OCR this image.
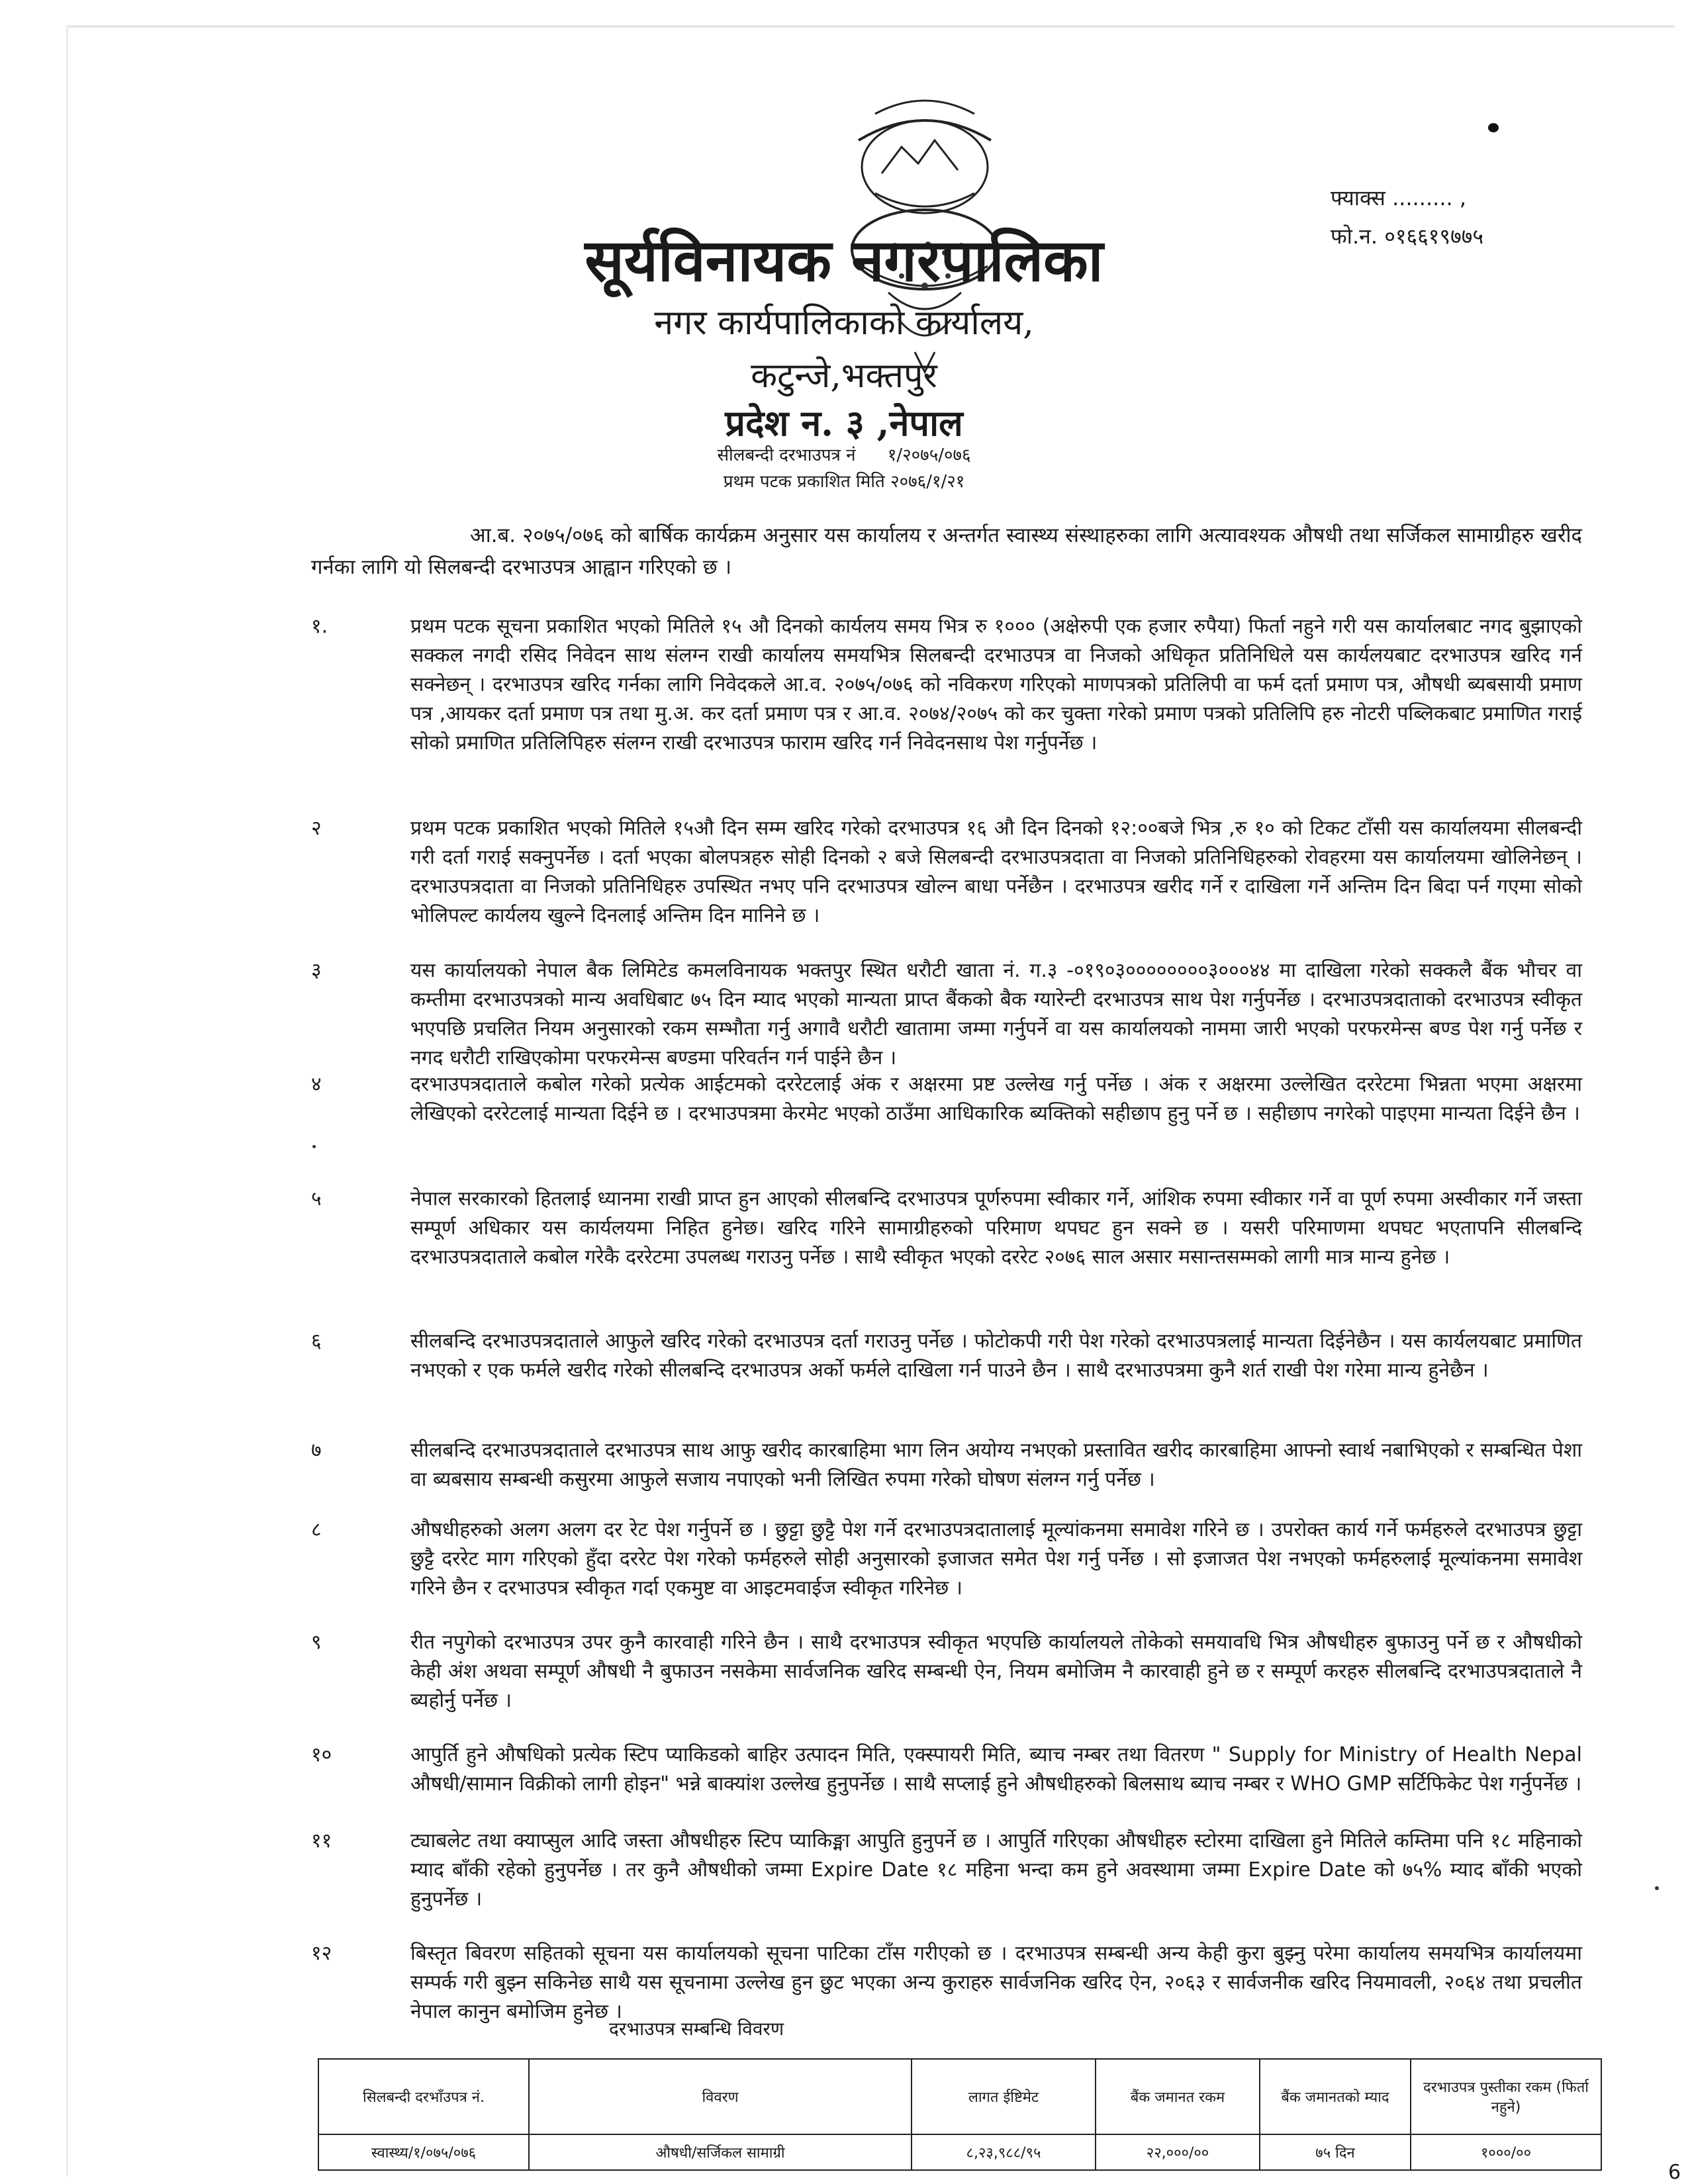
फ्याक्स ......... ,
फो.न. ०१६६१९७७५
सूर्यविनायक नगरपालिका
नगर कार्यपालिकाको कार्यालय,
कटुन्जे,भक्तपुर
प्रदेश न. ३ ,नेपाल
सीलबन्दी दरभाउपत्र नं १/२०७५/०७६
प्रथम पटक प्रकाशित मिति २०७६/१/२१
आ.ब. २०७५/०७६ को बार्षिक कार्यक्रम अनुसार यस कार्यालय र अन्तर्गत स्वास्थ्य संस्थाहरुका लागि अत्यावश्यक औषधी तथा सर्जिकल सामाग्रीहरु खरीद गर्नका लागि यो सिलबन्दी दरभाउपत्र आह्वान गरिएको छ ।
१.	प्रथम पटक सूचना प्रकाशित भएको मितिले १५ औ दिनको कार्यलय समय भित्र रु १००० (अक्षेरुपी एक हजार रुपैया) फिर्ता नहुने गरी यस कार्यालबाट नगद बुझाएको सक्कल नगदी रसिद निवेदन साथ संलग्न राखी कार्यालय समयभित्र सिलबन्दी दरभाउपत्र वा निजको अधिकृत प्रतिनिधिले यस कार्यलयबाट दरभाउपत्र खरिद गर्न सक्नेछन् । दरभाउपत्र खरिद गर्नका लागि निवेदकले आ.व. २०७५/०७६ को नविकरण गरिएको माणपत्रको प्रतिलिपी वा फर्म दर्ता प्रमाण पत्र, औषधी ब्यबसायी प्रमाण पत्र ,आयकर दर्ता प्रमाण पत्र तथा मु.अ. कर दर्ता प्रमाण पत्र र आ.व. २०७४/२०७५ को कर चुक्ता गरेको प्रमाण पत्रको प्रतिलिपि हरु नोटरी पब्लिकबाट प्रमाणित गराई सोको प्रमाणित प्रतिलिपिहरु संलग्न राखी दरभाउपत्र फाराम खरिद गर्न निवेदनसाथ पेश गर्नुपर्नेछ ।
२	प्रथम पटक प्रकाशित भएको मितिले १५औ दिन सम्म खरिद गरेको दरभाउपत्र १६ औ दिन दिनको १२:००बजे भित्र ,रु १० को टिकट टाँसी यस कार्यालयमा सीलबन्दी गरी दर्ता गराई सक्नुपर्नेछ । दर्ता भएका बोलपत्रहरु सोही दिनको २ बजे सिलबन्दी दरभाउपत्रदाता वा निजको प्रतिनिधिहरुको रोवहरमा यस कार्यालयमा खोलिनेछन् । दरभाउपत्रदाता वा निजको प्रतिनिधिहरु उपस्थित नभए पनि दरभाउपत्र खोल्न बाधा पर्नेछैन । दरभाउपत्र खरीद गर्ने र दाखिला गर्ने अन्तिम दिन बिदा पर्न गएमा सोको भोलिपल्ट कार्यलय खुल्ने दिनलाई अन्तिम दिन मानिने छ ।
३	यस कार्यालयको नेपाल बैक लिमिटेड कमलविनायक भक्तपुर स्थित धरौटी खाता नं. ग.३ -०१९०३००००००००३०००४४ मा दाखिला गरेको सक्कलै बैंक भौचर वा कम्तीमा दरभाउपत्रको मान्य अवधिबाट ७५ दिन म्याद भएको मान्यता प्राप्त बैंकको बैक ग्यारेन्टी दरभाउपत्र साथ पेश गर्नुपर्नेछ । दरभाउपत्रदाताको दरभाउपत्र स्वीकृत भएपछि प्रचलित नियम अनुसारको रकम सम्भौता गर्नु अगावै धरौटी खातामा जम्मा गर्नुपर्ने वा यस कार्यालयको नाममा जारी भएको परफरमेन्स बण्ड पेश गर्नु पर्नेछ र नगद धरौटी राखिएकोमा परफरमेन्स बण्डमा परिवर्तन गर्न पाईने छैन ।
४	दरभाउपत्रदाताले कबोल गरेको प्रत्येक आईटमको दररेटलाई अंक र अक्षरमा प्रष्ट उल्लेख गर्नु पर्नेछ । अंक र अक्षरमा उल्लेखित दररेटमा भिन्नता भएमा अक्षरमा लेखिएको दररेटलाई मान्यता दिईने छ । दरभाउपत्रमा केरमेट भएको ठाउँमा आधिकारिक ब्यक्तिको सहीछाप हुनु पर्ने छ । सहीछाप नगरेको पाइएमा मान्यता दिईने छैन ।
५	नेपाल सरकारको हितलाई ध्यानमा राखी प्राप्त हुन आएको सीलबन्दि दरभाउपत्र पूर्णरुपमा स्वीकार गर्ने, आंशिक रुपमा स्वीकार गर्ने वा पूर्ण रुपमा अस्वीकार गर्ने जस्ता सम्पूर्ण अधिकार यस कार्यलयमा निहित हुनेछ। खरिद गरिने सामाग्रीहरुको परिमाण थपघट हुन सक्ने छ । यसरी परिमाणमा थपघट भएतापनि सीलबन्दि दरभाउपत्रदाताले कबोल गरेकै दररेटमा उपलब्ध गराउनु पर्नेछ । साथै स्वीकृत भएको दररेट २०७६ साल असार मसान्तसम्मको लागी मात्र मान्य हुनेछ ।
६	सीलबन्दि दरभाउपत्रदाताले आफुले खरिद गरेको दरभाउपत्र दर्ता गराउनु पर्नेछ । फोटोकपी गरी पेश गरेको दरभाउपत्रलाई मान्यता दिईनेछैन । यस कार्यलयबाट प्रमाणित नभएको र एक फर्मले खरीद गरेको सीलबन्दि दरभाउपत्र अर्को फर्मले दाखिला गर्न पाउने छैन । साथै दरभाउपत्रमा कुनै शर्त राखी पेश गरेमा मान्य हुनेछैन ।
७	सीलबन्दि दरभाउपत्रदाताले दरभाउपत्र साथ आफु खरीद कारबाहिमा भाग लिन अयोग्य नभएको प्रस्तावित खरीद कारबाहिमा आफ्नो स्वार्थ नबाभिएको र सम्बन्धित पेशा वा ब्यबसाय सम्बन्धी कसुरमा आफुले सजाय नपाएको भनी लिखित रुपमा गरेको घोषण संलग्न गर्नु पर्नेछ ।
८	औषधीहरुको अलग अलग दर रेट पेश गर्नुपर्ने छ । छुट्टा छुट्टै पेश गर्ने दरभाउपत्रदातालाई मूल्यांकनमा समावेश गरिने छ । उपरोक्त कार्य गर्ने फर्महरुले दरभाउपत्र छुट्टा छुट्टै दररेट माग गरिएको हुँदा दररेट पेश गरेको फर्महरुले सोही अनुसारको इजाजत समेत पेश गर्नु पर्नेछ । सो इजाजत पेश नभएको फर्महरुलाई मूल्यांकनमा समावेश गरिने छैन र दरभाउपत्र स्वीकृत गर्दा एकमुष्ट वा आइटमवाईज स्वीकृत गरिनेछ ।
९	रीत नपुगेको दरभाउपत्र उपर कुनै कारवाही गरिने छैन । साथै दरभाउपत्र स्वीकृत भएपछि कार्यालयले तोकेको समयावधि भित्र औषधीहरु बुफाउनु पर्ने छ र औषधीको केही अंश अथवा सम्पूर्ण औषधी नै बुफाउन नसकेमा सार्वजनिक खरिद सम्बन्धी ऐन, नियम बमोजिम नै कारवाही हुने छ र सम्पूर्ण करहरु सीलबन्दि दरभाउपत्रदाताले नै ब्यहोर्नु पर्नेछ ।
१०	आपुर्ति हुने औषधिको प्रत्येक स्टिप प्याकिडको बाहिर उत्पादन मिति, एक्स्पायरी मिति, ब्याच नम्बर तथा वितरण " Supply for Ministry of Health Nepal औषधी/सामान विक्रीको लागी होइन" भन्ने बाक्यांश उल्लेख हुनुपर्नेछ । साथै सप्लाई हुने औषधीहरुको बिलसाथ ब्याच नम्बर र WHO GMP सर्टिफिकेट पेश गर्नुपर्नेछ ।
११	ट्याबलेट तथा क्याप्सुल आदि जस्ता औषधीहरु स्टिप प्याकिङ्मा आपुति हुनुपर्ने छ । आपुर्ति गरिएका औषधीहरु स्टोरमा दाखिला हुने मितिले कम्तिमा पनि १८ महिनाको म्याद बाँकी रहेको हुनुपर्नेछ । तर कुनै औषधीको जम्मा Expire Date १८ महिना भन्दा कम हुने अवस्थामा जम्मा Expire Date को ७५% म्याद बाँकी भएको हुनुपर्नेछ ।
१२	बिस्तृत बिवरण सहितको सूचना यस कार्यालयको सूचना पाटिका टाँस गरीएको छ । दरभाउपत्र सम्बन्धी अन्य केही कुरा बुझ्नु परेमा कार्यालय समयभित्र कार्यालयमा सम्पर्क गरी बुझ्न सकिनेछ साथै यस सूचनामा उल्लेख हुन छुट भएका अन्य कुराहरु सार्वजनिक खरिद ऐन, २०६३ र सार्वजनीक खरिद नियमावली, २०६४ तथा प्रचलीत नेपाल कानुन बमोजिम हुनेछ ।
दरभाउपत्र सम्बन्धि विवरण
सिलबन्दी दरभाँउपत्र नं.	विवरण	लागत ईष्टिमेट	बैंक जमानत रकम	बैंक जमानतको म्याद	दरभाउपत्र पुस्तीका रकम (फिर्ता नहुने)
स्वास्थ्य/१/०७५/०७६	औषधी/सर्जिकल सामाग्री	८,२३,९८८/९५	२२,०००/००	७५ दिन	१०००/००
6
